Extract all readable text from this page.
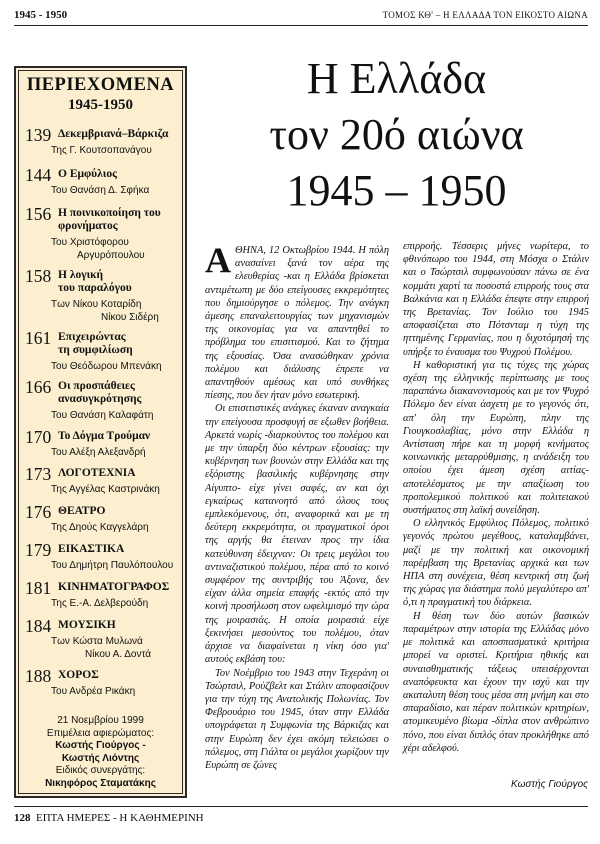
1945 - 1950	ΤΟΜΟΣ ΚΘ' – Η ΕΛΛΑΔΑ ΤΟΝ ΕΙΚΟΣΤΟ ΑΙΩΝΑ
ΠΕΡΙΕΧΟΜΕΝΑ
1945-1950
139 Δεκεμβριανά–Βάρκιζα
Της Γ. Κουτσοπανάγου
144 Ο Εμφύλιος
Του Θανάση Δ. Σφήκα
156 Η ποινικοποίηση του
φρονήματος
Του Χριστόφορου
Αργυρόπουλου
158 Η λογική
του παραλόγου
Των Νίκου Κοταρίδη
Νίκου Σιδέρη
161 Επιχειρώντας
τη συμφιλίωση
Του Θεόδωρου Μπενάκη
166 Οι προσπάθειες
ανασυγκρότησης
Του Θανάση Καλαφάτη
170 Το Δόγμα Τρούμαν
Του Αλέξη Αλεξανδρή
173 ΛΟΓΟΤΕΧΝΙΑ
Της Αγγέλας Καστρινάκη
176 ΘΕΑΤΡΟ
Της Δηούς Καγγελάρη
179 ΕΙΚΑΣΤΙΚΑ
Του Δημήτρη Παυλόπουλου
181 ΚΙΝΗΜΑΤΟΓΡΑΦΟΣ
Της Ε.-Α. Δελβερούδη
184 ΜΟΥΣΙΚΗ
Των Κώστα Μυλωνά
Νίκου Α. Δοντά
188 ΧΟΡΟΣ
Του Ανδρέα Ρικάκη
21 Νοεμβρίου 1999
Επιμέλεια αφιερώματος:
Κωστής Γιούργος -
Κωστής Λιόντης
Ειδικός συνεργάτης:
Νικηφόρος Σταματάκης
Η Ελλάδα
τον 20ό αιώνα
1945 – 1950

ΑΘΗΝΑ, 12 Οκτωβρίου 1944. Η πόλη ανασαίνει ξανά τον αέρα της ελευθερίας -και η Ελλάδα βρίσκεται αντιμέτωπη με δύο επείγουσες εκκρεμότητες που δημιούργησε ο πόλεμος. Την ανάγκη άμεσης επαναλειτουργίας των μηχανισμών της οικονομίας για να απαντηθεί το πρόβλημα του επισιτισμού. Και το ζήτημα της εξουσίας. Όσα ανασώθηκαν χρόνια πολέμου και διάλυσης έπρεπε να απαντηθούν αμέσως και υπό συνθήκες πίεσης, που δεν ήταν μόνο εσωτερική.

Οι επισιτιστικές ανάγκες έκαναν αναγκαία την επείγουσα προσφυγή σε εξωθεν βοήθεια. Αρκετά νωρίς -διαρκούντος του πολέμου και με την ύπαρξη δύο κέντρων εξουσίας: την κυβέρνηση των βουνών στην Ελλάδα και της εξόριστης βασιλικής κυβέρνησης στην Αίγυπτο- είχε γίνει σαφές, αν και όχι εγκαίρως κατανοητό από όλους τους εμπλεκόμενους, ότι, αναφορικά και με τη δεύτερη εκκρεμότητα, οι πραγματικοί όροι της αργής θα έτειναν προς την ίδια κατεύθυνση έδειχναν: Οι τρεις μεγάλοι του αντιναζιστικού πολέμου, πέρα από το κοινό συμφέρον της συντριβής του Άξονα, δεν είχαν άλλα σημεία επαφής -εκτός από την κοινή προσήλωση στον ωφελιμισμό την ώρα της μοιρασιάς. Η οποία μοιρασιά είχε ξεκινήσει μεσούντος του πολέμου, όταν άρχισε να διαφαίνεται η νίκη όσο για' αυτούς εκβάση του:

Τον Νοέμβριο του 1943 στην Τεχεράνη οι Τσώρτσιλ, Ρούζβελτ και Στάλιν αποφασίζουν για την τύχη της Ανατολικής Πολωνίας. Τον Φεβρουάριο του 1945, όταν στην Ελλάδα υπογράφεται η Συμφωνία της Βάρκιζας και στην Ευρώπη δεν έχει ακόμη τελειώσει ο πόλεμος, στη Γιάλτα οι μεγάλοι χωρίζουν την Ευρώπη σε ζώνες

επιρροής. Τέσσερις μήνες νωρίτερα, το φθινόπωρο του 1944, στη Μόσχα ο Στάλιν και ο Τσώρτσιλ συμφωνούσαν πάνω σε ένα κομμάτι χαρτί τα ποσοστά επιρροής τους στα Βαλκάνια και η Ελλάδα έπεφτε στην επιρροή της Βρετανίας. Τον Ιούλιο του 1945 αποφασίζεται στο Πότσνταμ η τύχη της ηττημένης Γερμανίας, που η διχοτόμησή της υπήρξε το έναυσμα του Ψυχρού Πολέμου.

Η καθοριστική για τις τύχες της χώρας σχέση της ελληνικής περίπτωσης με τους παραπάνω διακανονισμούς και με τον Ψυχρό Πόλεμο δεν είναι άσχετη με το γεγονός ότι, απ' όλη την Ευρώπη, πλην της Γιουγκοσλαβίας, μόνο στην Ελλάδα η Αντίσταση πήρε και τη μορφή κινήματος κοινωνικής μεταρρύθμισης, η ανάδειξη του οποίου έχει άμεση σχέση αιτίας-αποτελέσματος με την απαξίωση του προπολεμικού πολιτικού και πολιτειακού συστήματος στη λαϊκή συνείδηση.

Ο ελληνικός Εμφύλιος Πόλεμος, πολιτικό γεγονός πρώτου μεγέθους, καταλαμβάνει, μαζί με την πολιτική και οικονομική παρέμβαση της Βρετανίας αρχικά και των ΗΠΑ στη συνέχεια, θέση κεντρική στη ζωή της χώρας για διάστημα πολύ μεγαλύτερο απ' ό,τι η πραγματική του διάρκεια.

Η θέση των δύο αυτών βασικών παραμέτρων στην ιστορία της Ελλάδας μόνο με πολιτικά και αποσπασματικά κριτήρια μπορεί να οριστεί. Κριτήρια ηθικής και συναισθηματικής τάξεως υπεισέρχονται αναπόφευκτα και έχουν την ισχύ και την ακαταλυτη θέση τους μέσα στη μνήμη και στο σπαραδίσιο, και πέραν πολιτικών κριτηρίων, ατομικευμένο βίωμα -δίπλα στον ανθρώπινο πόνο, που είναι διπλός όταν προκλήθηκε από χέρι αδελφού.

Κωστής Γιούργος
128 ΕΠΤΑ ΗΜΕΡΕΣ - Η ΚΑΘΗΜΕΡΙΝΗ
